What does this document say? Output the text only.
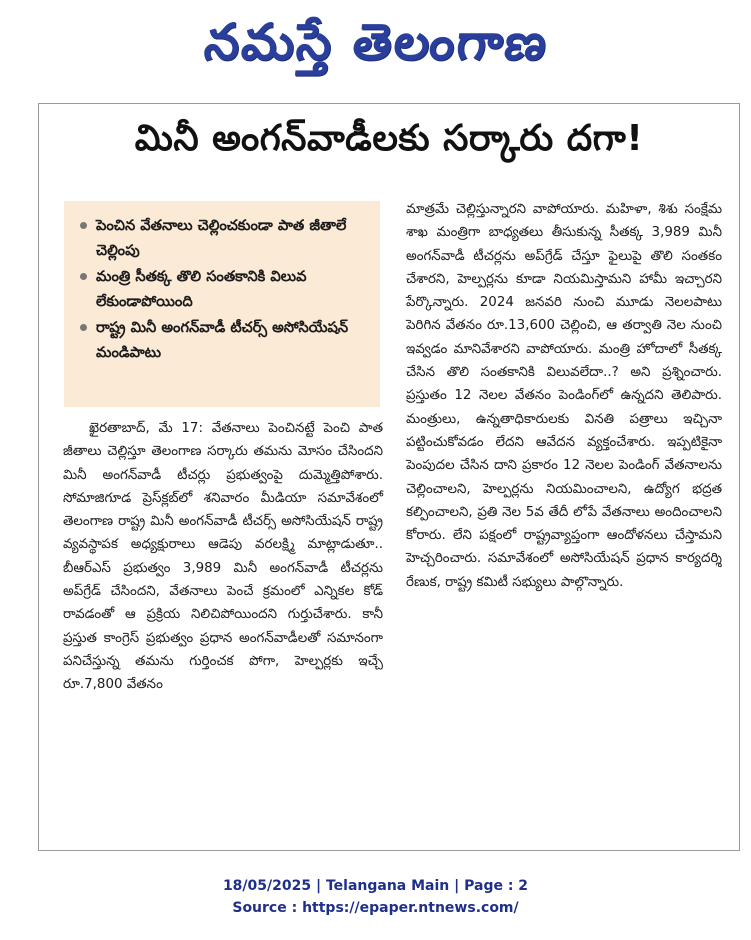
నమస్తే తెలంగాణ
మినీ అంగన్‌వాడీలకు సర్కారు దగా!
పెంచిన వేతనాలు చెల్లించకుండా పాత జీతాలే చెల్లింపు
మంత్రి సీతక్క తొలి సంతకానికి విలువ లేకుండాపోయింది
రాష్ట్ర మినీ అంగన్‌వాడీ టీచర్స్ అసోసియేషన్ మండిపాటు

ఖైరతాబాద్, మే 17: వేతనాలు పెంచినట్టే పెంచి పాత జీతాలు చెల్లిస్తూ తెలంగాణ సర్కారు తమను మోసం చేసిందని మినీ అంగన్‌వాడీ టీచర్లు ప్రభుత్వంపై దుమ్మెత్తిపోశారు. సోమాజిగూడ ప్రెస్‌క్లబ్‌లో శనివారం మీడియా సమావేశంలో తెలంగాణ రాష్ట్ర మినీ అంగన్‌వాడీ టీచర్స్ అసోసియేషన్ రాష్ట్ర వ్యవస్థాపక అధ్యక్షురాలు ఆడెపు వరలక్ష్మి మాట్లాడుతూ.. బీఆర్‌ఎస్ ప్రభుత్వం 3,989 మినీ అంగన్‌వాడీ టీచర్లను అప్‌గ్రేడ్ చేసిందని, వేతనాలు పెంచే క్రమంలో ఎన్నికల కోడ్ రావడంతో ఆ ప్రక్రియ నిలిచిపోయిందని గుర్తుచేశారు. కానీ ప్రస్తుత కాంగ్రెస్ ప్రభుత్వం ప్రధాన అంగన్‌వాడీలతో సమానంగా పనిచేస్తున్న తమను గుర్తించక పోగా, హెల్పర్లకు ఇచ్చే రూ.7,800 వేతనం

మాత్రమే చెల్లిస్తున్నారని వాపోయారు. మహిళా, శిశు సంక్షేమ శాఖ మంత్రిగా బాధ్యతలు తీసుకున్న సీతక్క 3,989 మినీ అంగన్‌వాడీ టీచర్లను అప్‌గ్రేడ్ చేస్తూ ఫైలుపై తొలి సంతకం చేశారని, హెల్పర్లను కూడా నియమిస్తామని హామీ ఇచ్చారని పేర్కొన్నారు. 2024 జనవరి నుంచి మూడు నెలలపాటు పెరిగిన వేతనం రూ.13,600 చెల్లించి, ఆ తర్వాతి నెల నుంచి ఇవ్వడం మానివేశారని వాపోయారు. మంత్రి హోదాలో సీతక్క చేసిన తొలి సంతకానికి విలువలేదా..? అని ప్రశ్నించారు. ప్రస్తుతం 12 నెలల వేతనం పెండింగ్‌లో ఉన్నదని తెలిపారు. మంత్రులు, ఉన్నతాధికారులకు వినతి పత్రాలు ఇచ్చినా పట్టించుకోవడం లేదని ఆవేదన వ్యక్తంచేశారు. ఇప్పటికైనా పెంపుదల చేసిన దాని ప్రకారం 12 నెలల పెండింగ్ వేతనాలను చెల్లించాలని, హెల్పర్లను నియమించాలని, ఉద్యోగ భద్రత కల్పించాలని, ప్రతి నెల 5వ తేదీ లోపే వేతనాలు అందించాలని కోరారు. లేని పక్షంలో రాష్ట్రవ్యాప్తంగా ఆందోళనలు చేస్తామని హెచ్చరించారు. సమావేశంలో అసోసియేషన్ ప్రధాన కార్యదర్శి రేణుక, రాష్ట్ర కమిటీ సభ్యులు పాల్గొన్నారు.

18/05/2025 | Telangana Main | Page : 2
Source : https://epaper.ntnews.com/
